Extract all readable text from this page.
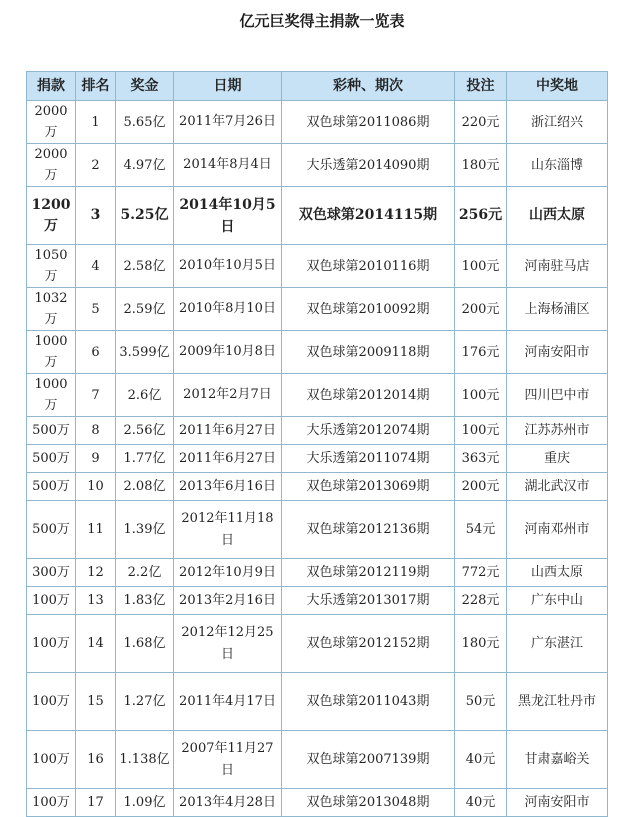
亿元巨奖得主捐款一览表
捐款	排名	奖金	日期	彩种、期次	投注	中奖地
2000万	1	5.65亿	2011年7月26日	双色球第2011086期	220元	浙江绍兴
2000万	2	4.97亿	2014年8月4日	大乐透第2014090期	180元	山东淄博
1200万	3	5.25亿	2014年10月5日	双色球第2014115期	256元	山西太原
1050万	4	2.58亿	2010年10月5日	双色球第2010116期	100元	河南驻马店
1032万	5	2.59亿	2010年8月10日	双色球第2010092期	200元	上海杨浦区
1000万	6	3.599亿	2009年10月8日	双色球第2009118期	176元	河南安阳市
1000万	7	2.6亿	2012年2月7日	双色球第2012014期	100元	四川巴中市
500万	8	2.56亿	2011年6月27日	大乐透第2012074期	100元	江苏苏州市
500万	9	1.77亿	2011年6月27日	大乐透第2011074期	363元	重庆
500万	10	2.08亿	2013年6月16日	双色球第2013069期	200元	湖北武汉市
500万	11	1.39亿	2012年11月18日	双色球第2012136期	54元	河南邓州市
300万	12	2.2亿	2012年10月9日	双色球第2012119期	772元	山西太原
100万	13	1.83亿	2013年2月16日	大乐透第2013017期	228元	广东中山
100万	14	1.68亿	2012年12月25日	双色球第2012152期	180元	广东湛江
100万	15	1.27亿	2011年4月17日	双色球第2011043期	50元	黑龙江牡丹市
100万	16	1.138亿	2007年11月27日	双色球第2007139期	40元	甘肃嘉峪关
100万	17	1.09亿	2013年4月28日	双色球第2013048期	40元	河南安阳市
